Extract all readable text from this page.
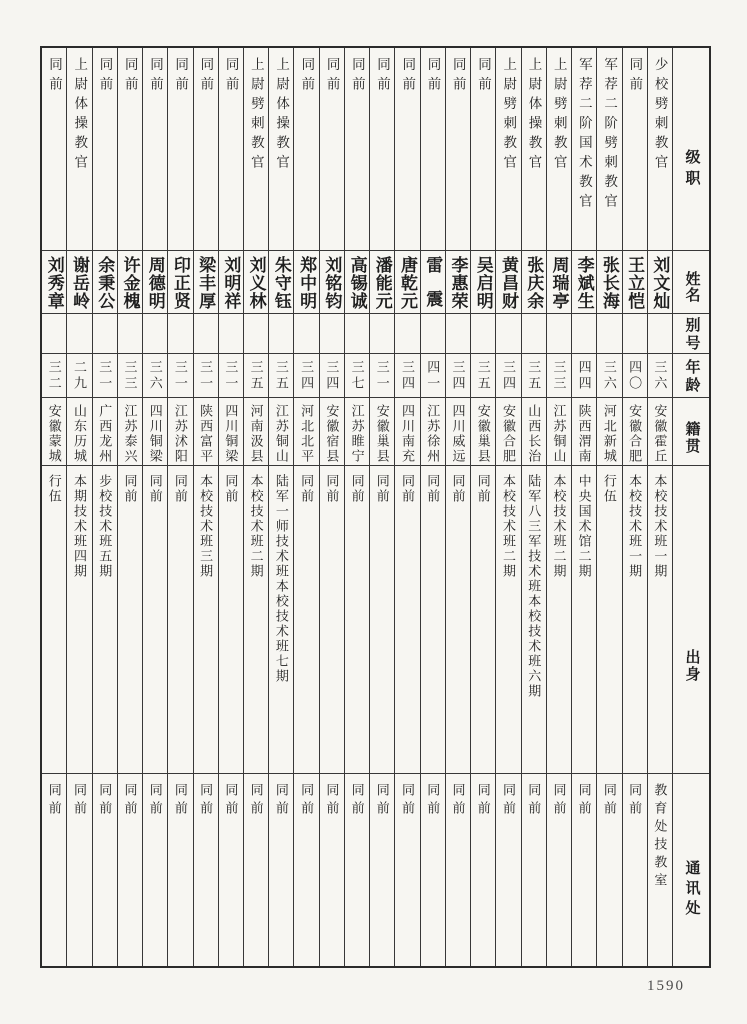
级职
姓名
别号
年龄
籍贯
出身
通讯处
少校劈刺教官
刘文灿
三六
安徽霍丘
本校技术班一期
教育处技教室
同前
王立恺
四〇
安徽合肥
本校技术班一期
同前
军荐二阶劈刺教官
张长海
三六
河北新城
行伍
同前
军荐二阶国术教官
李斌生
四四
陕西渭南
中央国术馆二期
同前
上尉劈刺教官
周瑞亭
三三
江苏铜山
本校技术班二期
同前
上尉体操教官
张庆余
三五
山西长治
陆军八三军技术班本校技术班六期
同前
上尉劈刺教官
黄昌财
三四
安徽合肥
本校技术班二期
同前
同前
吴启明
三五
安徽巢县
同前
同前
同前
李惠荣
三四
四川威远
同前
同前
同前
雷震
四一
江苏徐州
同前
同前
同前
唐乾元
三四
四川南充
同前
同前
同前
潘能元
三一
安徽巢县
同前
同前
同前
高锡诚
三七
江苏睢宁
同前
同前
同前
刘铭钧
三四
安徽宿县
同前
同前
同前
郑中明
三四
河北北平
同前
同前
上尉体操教官
朱守钰
三五
江苏铜山
陆军一师技术班本校技术班七期
同前
上尉劈刺教官
刘义林
三五
河南汲县
本校技术班二期
同前
同前
刘明祥
三一
四川铜梁
同前
同前
同前
梁丰厚
三一
陕西富平
本校技术班三期
同前
同前
印正贤
三一
江苏沭阳
同前
同前
同前
周德明
三六
四川铜梁
同前
同前
同前
许金槐
三三
江苏泰兴
同前
同前
同前
余秉公
三一
广西龙州
步校技术班五期
同前
上尉体操教官
谢岳岭
二九
山东历城
本期技术班四期
同前
同前
刘秀章
三二
安徽蒙城
行伍
同前
1590
